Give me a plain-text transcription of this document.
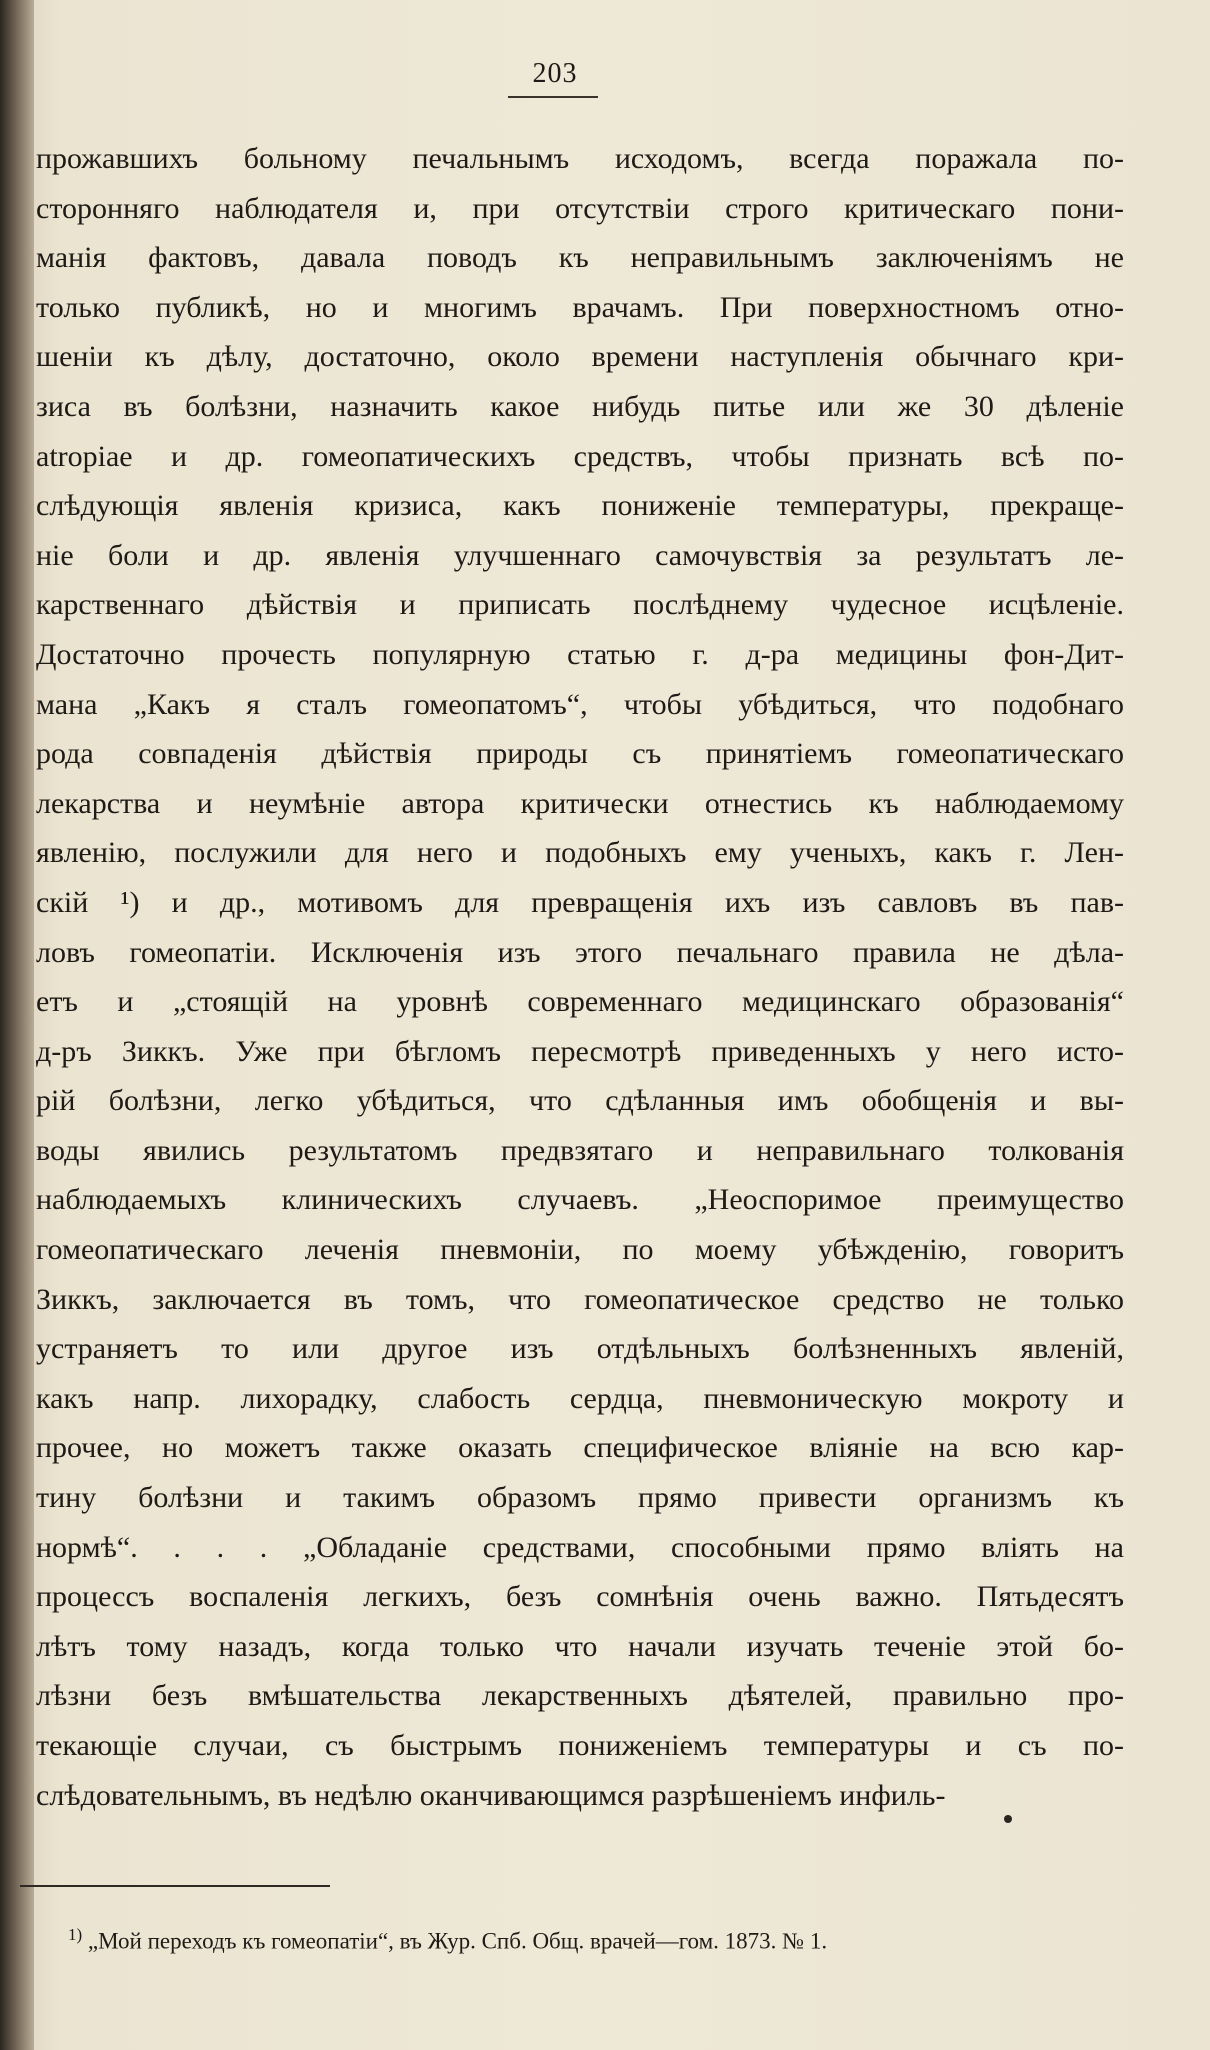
203
прожавшихъ больному печальнымъ исходомъ, всегда поражала по-
сторонняго наблюдателя и, при отсутствіи строго критическаго пони-
манія фактовъ, давала поводъ къ неправильнымъ заключеніямъ не
только публикѣ, но и многимъ врачамъ. При поверхностномъ отно-
шеніи къ дѣлу, достаточно, около времени наступленія обычнаго кри-
зиса въ болѣзни, назначить какое нибудь питье или же 30 дѣленіе
atropiae и др. гомеопатическихъ средствъ, чтобы признать всѣ по-
слѣдующія явленія кризиса, какъ пониженіе температуры, прекраще-
ніе боли и др. явленія улучшеннаго самочувствія за результатъ ле-
карственнаго дѣйствія и приписать послѣднему чудесное исцѣленіе.
Достаточно прочесть популярную статью г. д-ра медицины фон-Дит-
мана „Какъ я сталъ гомеопатомъ“, чтобы убѣдиться, что подобнаго
рода совпаденія дѣйствія природы съ принятіемъ гомеопатическаго
лекарства и неумѣніе автора критически отнестись къ наблюдаемому
явленію, послужили для него и подобныхъ ему ученыхъ, какъ г. Лен-
скій ¹) и др., мотивомъ для превращенія ихъ изъ савловъ въ пав-
ловъ гомеопатіи. Исключенія изъ этого печальнаго правила не дѣла-
етъ и „стоящій на уровнѣ современнаго медицинскаго образованія“
д-ръ Зиккъ. Уже при бѣгломъ пересмотрѣ приведенныхъ у него исто-
рій болѣзни, легко убѣдиться, что сдѣланныя имъ обобщенія и вы-
воды явились результатомъ предвзятаго и неправильнаго толкованія
наблюдаемыхъ клиническихъ случаевъ. „Неоспоримое преимущество
гомеопатическаго леченія пневмоніи, по моему убѣжденію, говоритъ
Зиккъ, заключается въ томъ, что гомеопатическое средство не только
устраняетъ то или другое изъ отдѣльныхъ болѣзненныхъ явленій,
какъ напр. лихорадку, слабость сердца, пневмоническую мокроту и
прочее, но можетъ также оказать специфическое вліяніе на всю кар-
тину болѣзни и такимъ образомъ прямо привести организмъ къ
нормѣ“. . . . „Обладаніе средствами, способными прямо вліять на
процессъ воспаленія легкихъ, безъ сомнѣнія очень важно. Пятьдесятъ
лѣтъ тому назадъ, когда только что начали изучать теченіе этой бо-
лѣзни безъ вмѣшательства лекарственныхъ дѣятелей, правильно про-
текающіе случаи, съ быстрымъ пониженіемъ температуры и съ по-
слѣдовательнымъ, въ недѣлю оканчивающимся разрѣшеніемъ инфиль-
$^{1)}$ „Мой переходъ къ гомеопатіи“, въ Жур. Спб. Общ. врачей—гом. 1873. № 1.
